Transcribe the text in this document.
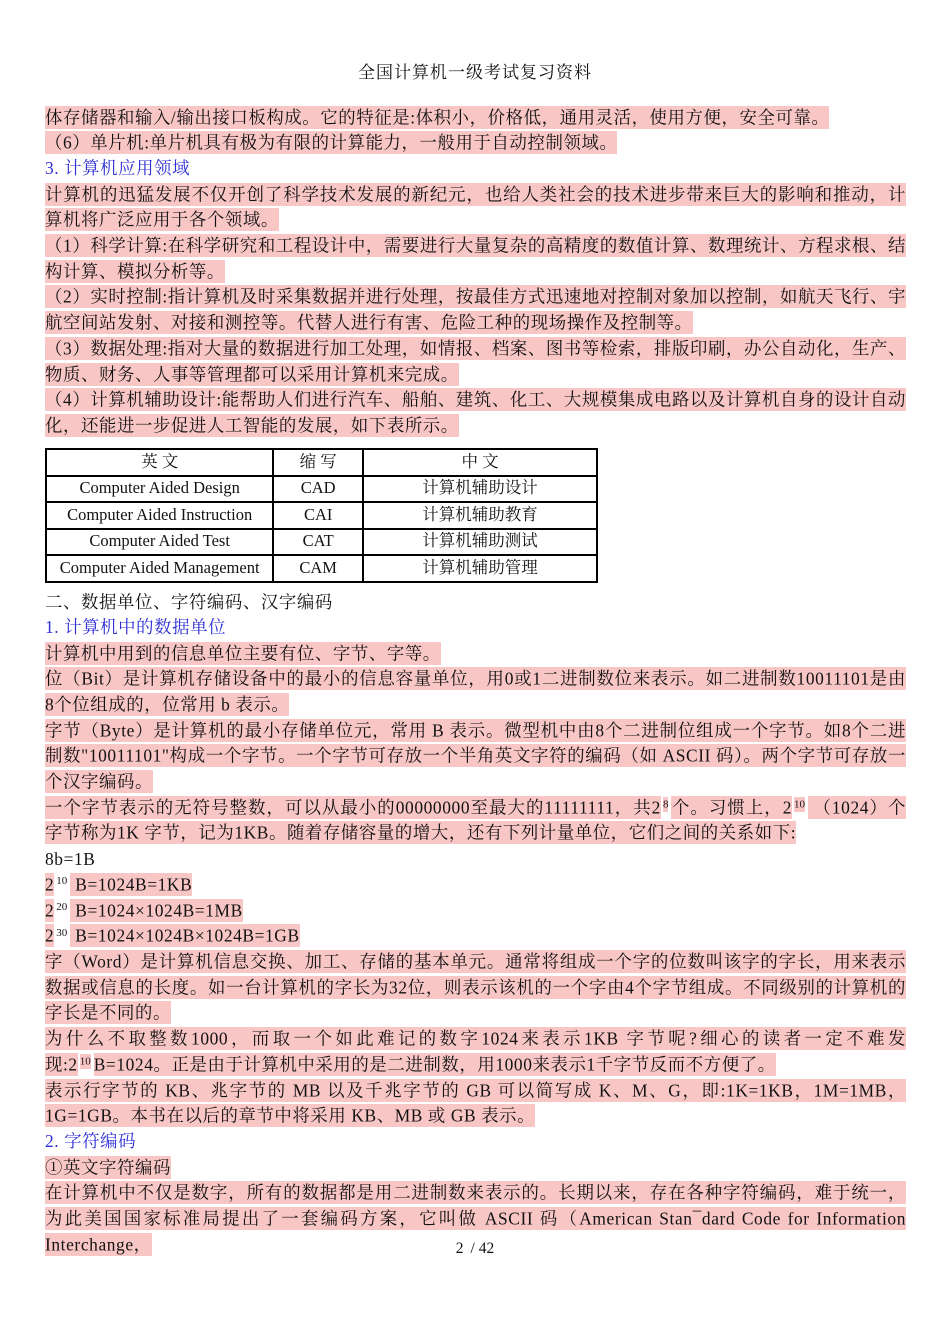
全国计算机一级考试复习资料

体存储器和输入/输出接口板构成。它的特征是:体积小，价格低，通用灵活，使用方便，安全可靠。

（6）单片机:单片机具有极为有限的计算能力，一般用于自动控制领域。

3. 计算机应用领域

计算机的迅猛发展不仅开创了科学技术发展的新纪元，也给人类社会的技术进步带来巨大的影响和推动，计算机将广泛应用于各个领域。

（1）科学计算:在科学研究和工程设计中，需要进行大量复杂的高精度的数值计算、数理统计、方程求根、结构计算、模拟分析等。

（2）实时控制:指计算机及时采集数据并进行处理，按最佳方式迅速地对控制对象加以控制，如航天飞行、宇航空间站发射、对接和测控等。代替人进行有害、危险工种的现场操作及控制等。

（3）数据处理:指对大量的数据进行加工处理，如情报、档案、图书等检索，排版印刷，办公自动化，生产、物质、财务、人事等管理都可以采用计算机来完成。

（4）计算机辅助设计:能帮助人们进行汽车、船舶、建筑、化工、大规模集成电路以及计算机自身的设计自动化，还能进一步促进人工智能的发展，如下表所示。

英 文	缩 写	中 文
Computer Aided Design	CAD	计算机辅助设计
Computer Aided Instruction	CAI	计算机辅助教育
Computer Aided Test	CAT	计算机辅助测试
Computer Aided Management	CAM	计算机辅助管理

二、数据单位、字符编码、汉字编码

1. 计算机中的数据单位

计算机中用到的信息单位主要有位、字节、字等。

位（Bit）是计算机存储设备中的最小的信息容量单位，用0或1二进制数位来表示。如二进制数10011101是由8个位组成的，位常用 b 表示。

字节（Byte）是计算机的最小存储单位元，常用 B 表示。微型机中由8个二进制位组成一个字节。如8个二进制数"10011101"构成一个字节。一个字节可存放一个半角英文字符的编码（如 ASCII 码）。两个字节可存放一个汉字编码。

一个字节表示的无符号整数，可以从最小的00000000至最大的11111111，共2 $^8$ 个。习惯上，2 $^{10}$ （1024）个字节称为1K 字节，记为1KB。随着存储容量的增大，还有下列计量单位，它们之间的关系如下:

8b=1B

2 $^{10}$ B=1024B=1KB

2 $^{20}$ B=1024×1024B=1MB

2 $^{30}$ B=1024×1024B×1024B=1GB

字（Word）是计算机信息交换、加工、存储的基本单元。通常将组成一个字的位数叫该字的字长，用来表示数据或信息的长度。如一台计算机的字长为32位，则表示该机的一个字由4个字节组成。不同级别的计算机的字长是不同的。

为什么不取整数1000，而取一个如此难记的数字1024来表示1KB 字节呢?细心的读者一定不难发现:2 $^{10}$ B=1024。正是由于计算机中采用的是二进制数，用1000来表示1千字节反而不方便了。

表示行字节的 KB、兆字节的 MB 以及千兆字节的 GB 可以简写成 K、M、G，即:1K=1KB，1M=1MB，1G=1GB。本书在以后的章节中将采用 KB、MB 或 GB 表示。

2. 字符编码

①英文字符编码

在计算机中不仅是数字，所有的数据都是用二进制数来表示的。长期以来，存在各种字符编码，难于统一，为此美国国家标准局提出了一套编码方案，它叫做 ASCII 码（American Stan¯dard Code for Information Interchange，	2 / 42
